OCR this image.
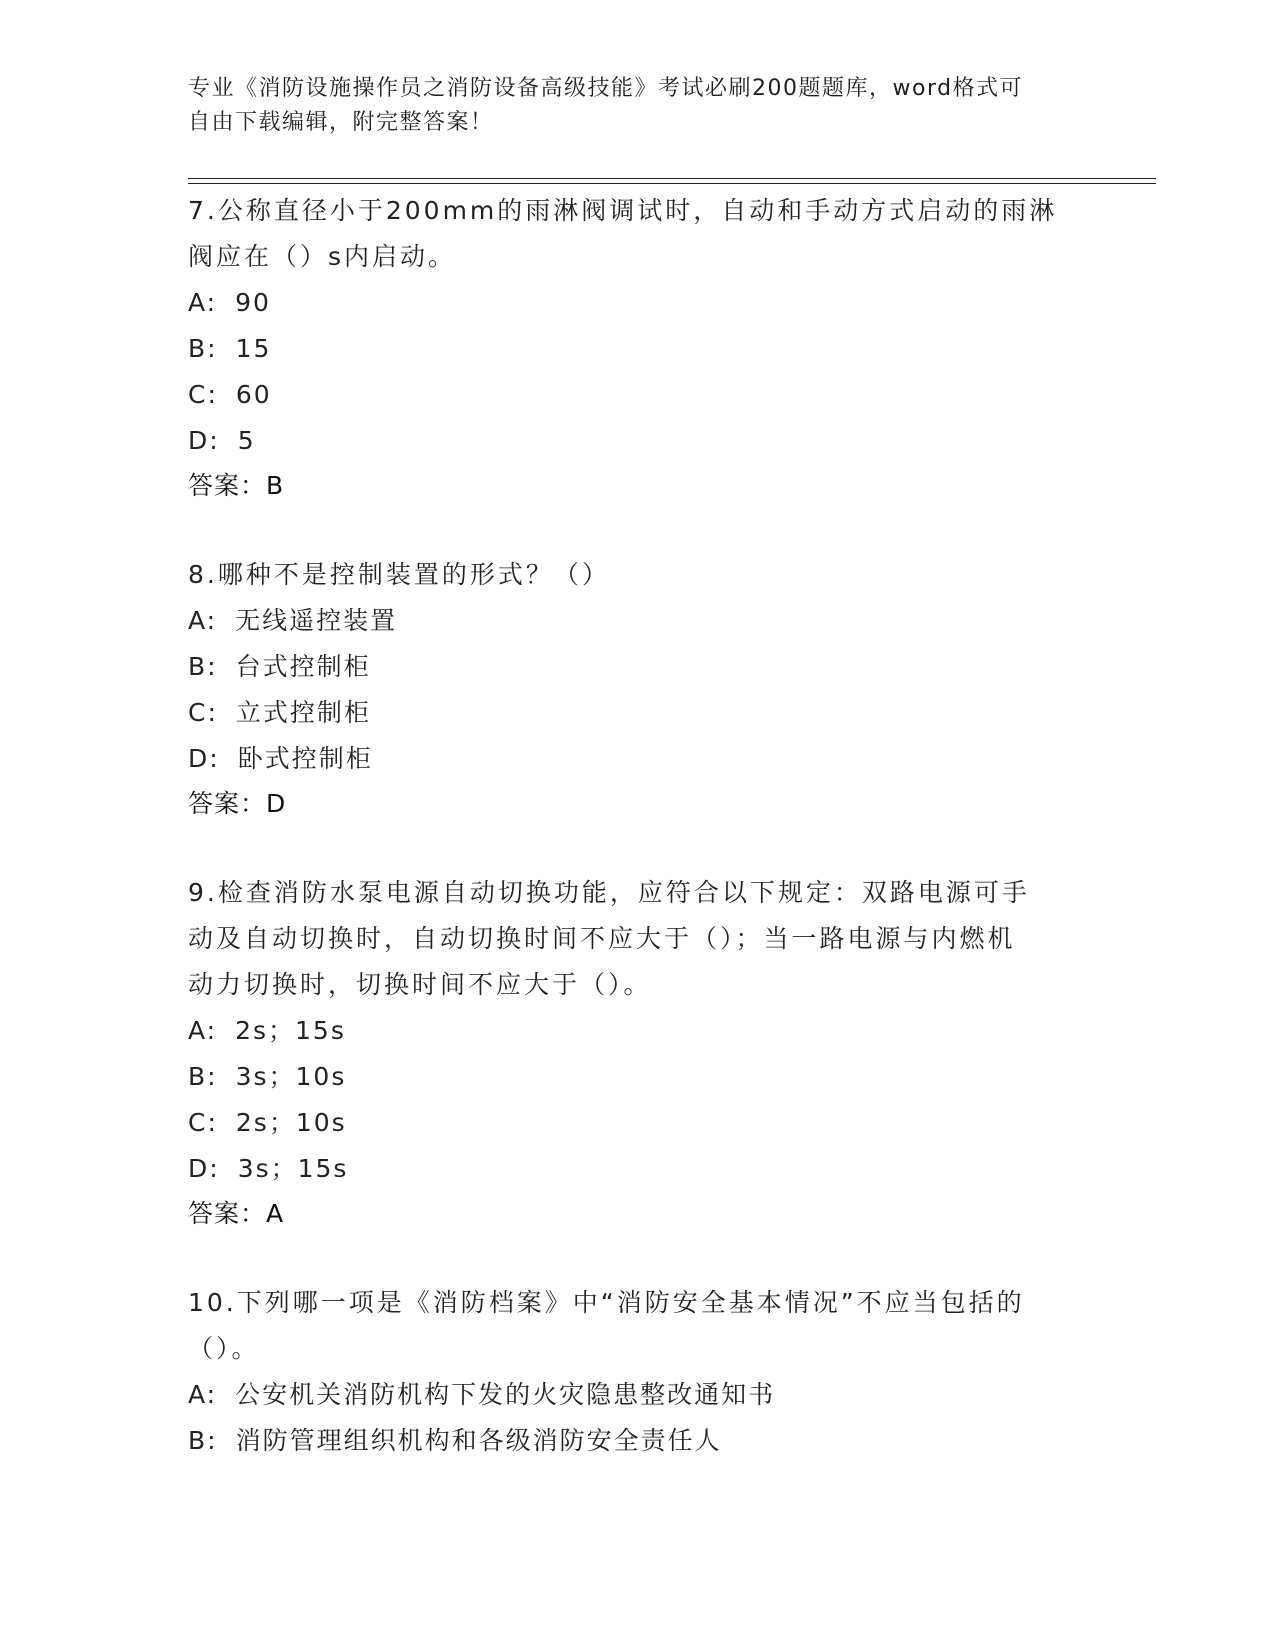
专业《消防设施操作员之消防设备高级技能》考试必刷200题题库，word格式可
自由下载编辑，附完整答案！
7.公称直径小于200mm的雨淋阀调试时，自动和手动方式启动的雨淋
阀应在（）s内启动。
A: 90
B: 15
C: 60
D: 5
答案：B
8.哪种不是控制装置的形式？（）
A: 无线遥控装置
B: 台式控制柜
C: 立式控制柜
D: 卧式控制柜
答案：D
9.检查消防水泵电源自动切换功能，应符合以下规定：双路电源可手
动及自动切换时，自动切换时间不应大于（）；当一路电源与内燃机
动力切换时，切换时间不应大于（）。
A: 2s；15s
B: 3s；10s
C: 2s；10s
D: 3s；15s
答案：A
10.下列哪一项是《消防档案》中“消防安全基本情况”不应当包括的
（）。
A: 公安机关消防机构下发的火灾隐患整改通知书
B: 消防管理组织机构和各级消防安全责任人
